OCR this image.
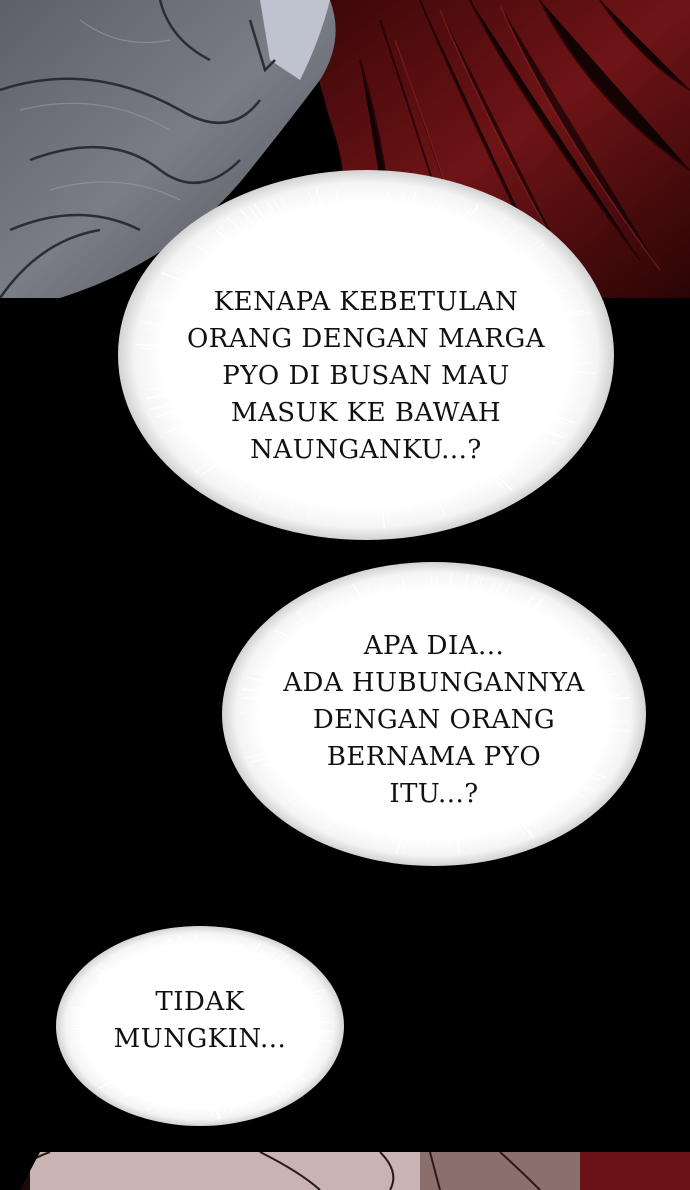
KENAPA KEBETULAN
ORANG DENGAN MARGA
PYO DI BUSAN MAU
MASUK KE BAWAH
NAUNGANKU...?
APA DIA...
ADA HUBUNGANNYA
DENGAN ORANG
BERNAMA PYO
ITU...?
TIDAK
MUNGKIN...
